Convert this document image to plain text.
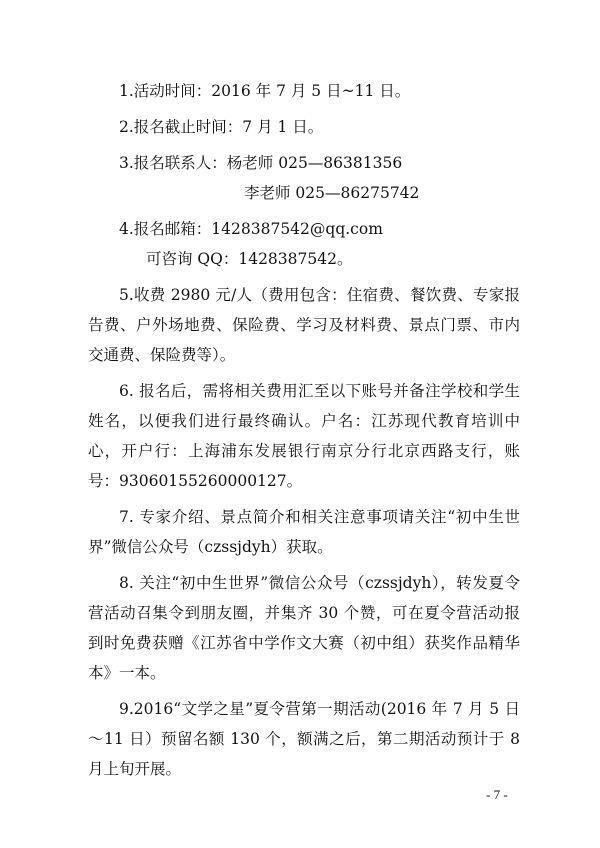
1.活动时间：2016 年 7 月 5 日~11 日。

2.报名截止时间：7 月 1 日。

3.报名联系人：杨老师 025—86381356

李老师 025—86275742

4.报名邮箱：1428387542@qq.com

可咨询 QQ：1428387542。

5.收费 2980 元/人（费用包含：住宿费、餐饮费、专家报告费、户外场地费、保险费、学习及材料费、景点门票、市内交通费、保险费等）。

6. 报名后，需将相关费用汇至以下账号并备注学校和学生姓名，以便我们进行最终确认。户名：江苏现代教育培训中心，开户行：上海浦东发展银行南京分行北京西路支行，账号：93060155260000127。

7. 专家介绍、景点简介和相关注意事项请关注“初中生世界”微信公众号（czssjdyh）获取。

8. 关注“初中生世界”微信公众号（czssjdyh），转发夏令营活动召集令到朋友圈，并集齐 30 个赞，可在夏令营活动报到时免费获赠《江苏省中学作文大赛（初中组）获奖作品精华本》一本。

9.2016“文学之星”夏令营第一期活动(2016 年 7 月 5 日～11 日）预留名额 130 个，额满之后，第二期活动预计于 8 月上旬开展。

- 7 -
